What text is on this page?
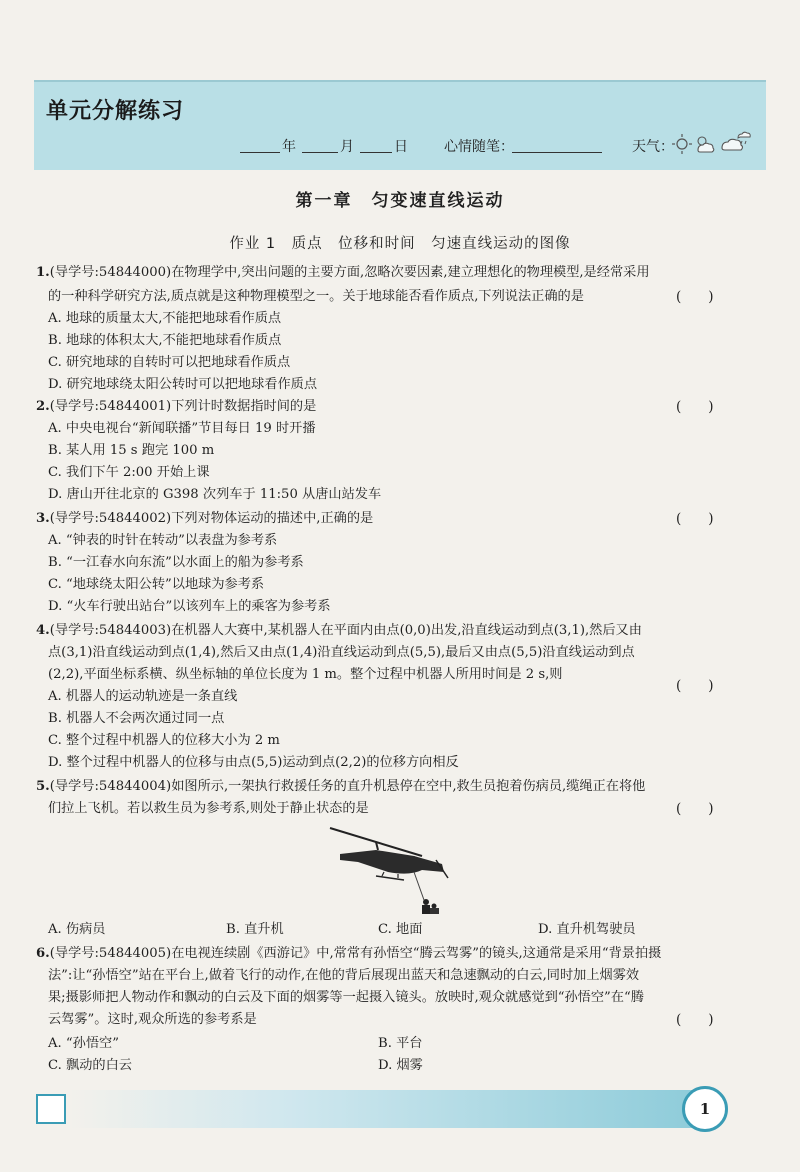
单元分解练习
年	月	日	心情随笔：	天气：
第一章　匀变速直线运动
作业 1　质点　位移和时间　匀速直线运动的图像
1.(导学号:54844000)在物理学中,突出问题的主要方面,忽略次要因素,建立理想化的物理模型,是经常采用
的一种科学研究方法,质点就是这种物理模型之一。关于地球能否看作质点,下列说法正确的是	(　　)
A. 地球的质量太大,不能把地球看作质点
B. 地球的体积太大,不能把地球看作质点
C. 研究地球的自转时可以把地球看作质点
D. 研究地球绕太阳公转时可以把地球看作质点
2.(导学号:54844001)下列计时数据指时间的是	(　　)
A. 中央电视台“新闻联播”节目每日 19 时开播
B. 某人用 15 s 跑完 100 m
C. 我们下午 2:00 开始上课
D. 唐山开往北京的 G398 次列车于 11:50 从唐山站发车
3.(导学号:54844002)下列对物体运动的描述中,正确的是	(　　)
A. “钟表的时针在转动”以表盘为参考系
B. “一江春水向东流”以水面上的船为参考系
C. “地球绕太阳公转”以地球为参考系
D. “火车行驶出站台”以该列车上的乘客为参考系
4.(导学号:54844003)在机器人大赛中,某机器人在平面内由点(0,0)出发,沿直线运动到点(3,1),然后又由
点(3,1)沿直线运动到点(1,4),然后又由点(1,4)沿直线运动到点(5,5),最后又由点(5,5)沿直线运动到点
(2,2),平面坐标系横、纵坐标轴的单位长度为 1 m。整个过程中机器人所用时间是 2 s,则
(　　)
A. 机器人的运动轨迹是一条直线
B. 机器人不会两次通过同一点
C. 整个过程中机器人的位移大小为 2 m
D. 整个过程中机器人的位移与由点(5,5)运动到点(2,2)的位移方向相反
5.(导学号:54844004)如图所示,一架执行救援任务的直升机悬停在空中,救生员抱着伤病员,缆绳正在将他
们拉上飞机。若以救生员为参考系,则处于静止状态的是	(　　)
A. 伤病员	B. 直升机	C. 地面	D. 直升机驾驶员
6.(导学号:54844005)在电视连续剧《西游记》中,常常有孙悟空“腾云驾雾”的镜头,这通常是采用“背景拍摄
法”:让“孙悟空”站在平台上,做着飞行的动作,在他的背后展现出蓝天和急速飘动的白云,同时加上烟雾效
果;摄影师把人物动作和飘动的白云及下面的烟雾等一起摄入镜头。放映时,观众就感觉到“孙悟空”在“腾
云驾雾”。这时,观众所选的参考系是	(　　)
A. “孙悟空”	B. 平台
C. 飘动的白云	D. 烟雾
1
